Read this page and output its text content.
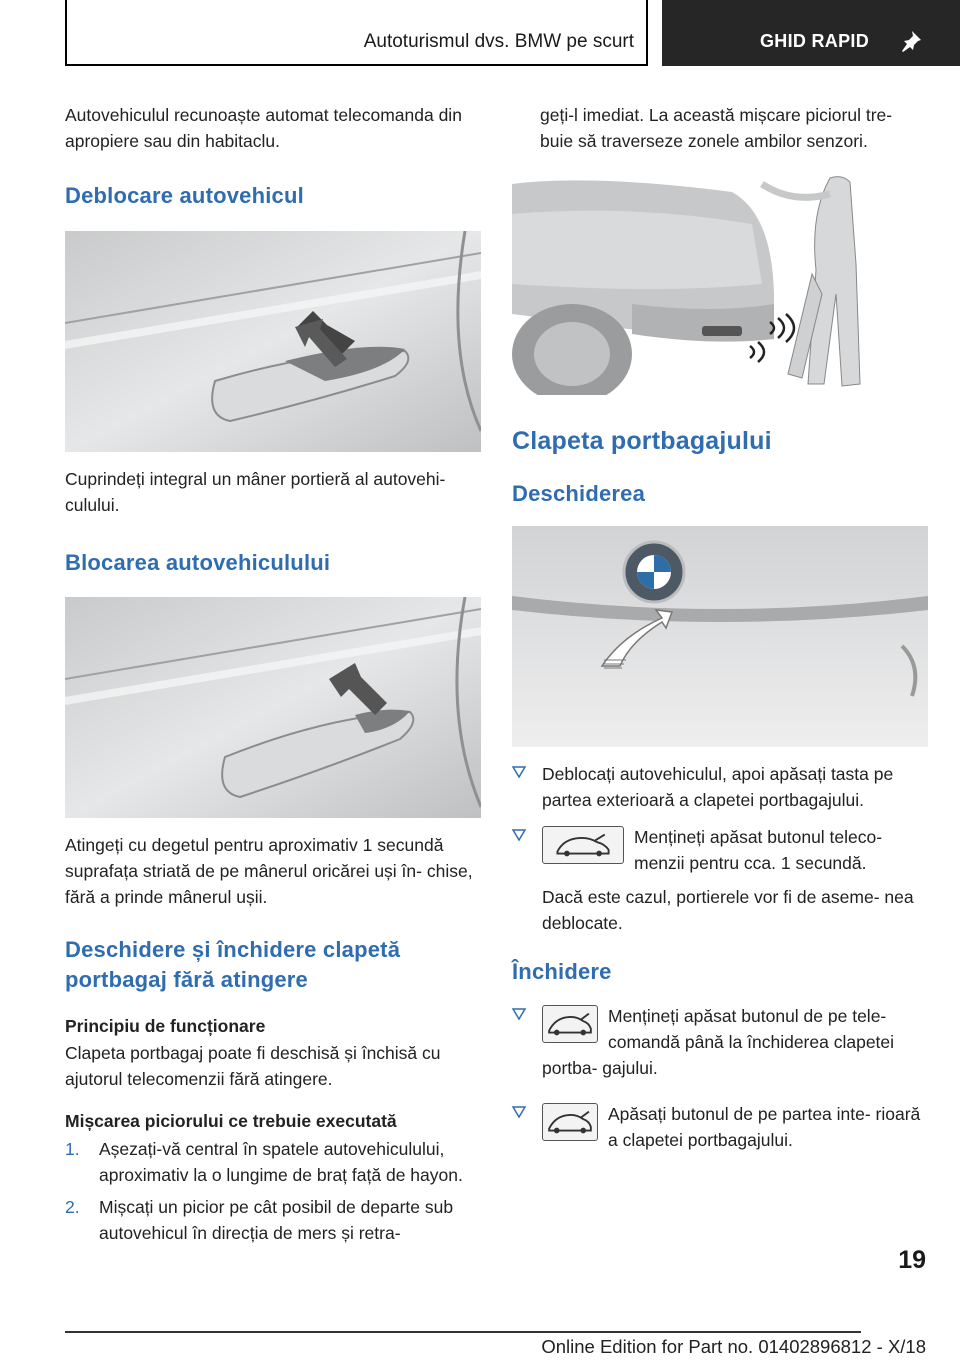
Autoturismul dvs. BMW pe scurt	GHID RAPID

Autovehiculul recunoaște automat telecomanda din apropiere sau din habitaclu.

Deblocare autovehicul

Cuprindeți integral un mâner portieră al autovehi- culului.

Blocarea autovehiculului

Atingeți cu degetul pentru aproximativ 1 secundă suprafața striată de pe mânerul oricărei uși în- chise, fără a prinde mânerul ușii.

Deschidere și închidere clapetă
portbagaj fără atingere
Principiu de funcționare

Clapeta portbagaj poate fi deschisă și închisă cu ajutorul telecomenzii fără atingere.

Mișcarea piciorului ce trebuie executată
1. Așezați-vă central în spatele autovehiculului, aproximativ la o lungime de braț față de hayon.
2. Mișcați un picior pe cât posibil de departe sub autovehicul în direcția de mers și retra-

geți-l imediat. La această mișcare piciorul tre- buie să traverseze zonele ambilor senzori.

Clapeta portbagajului
Deschiderea
Deblocați autovehiculul, apoi apăsați tasta pe partea exterioară a clapetei portbagajului.
Mențineți apăsat butonul teleco- menzii pentru cca. 1 secundă.

Dacă este cazul, portierele vor fi de aseme- nea deblocate.

Închidere
Mențineți apăsat butonul de pe tele- comandă până la închiderea clapetei portba- gajului.
Apăsați butonul de pe partea inte- rioară a clapetei portbagajului.
19
Online Edition for Part no. 01402896812 - X/18
